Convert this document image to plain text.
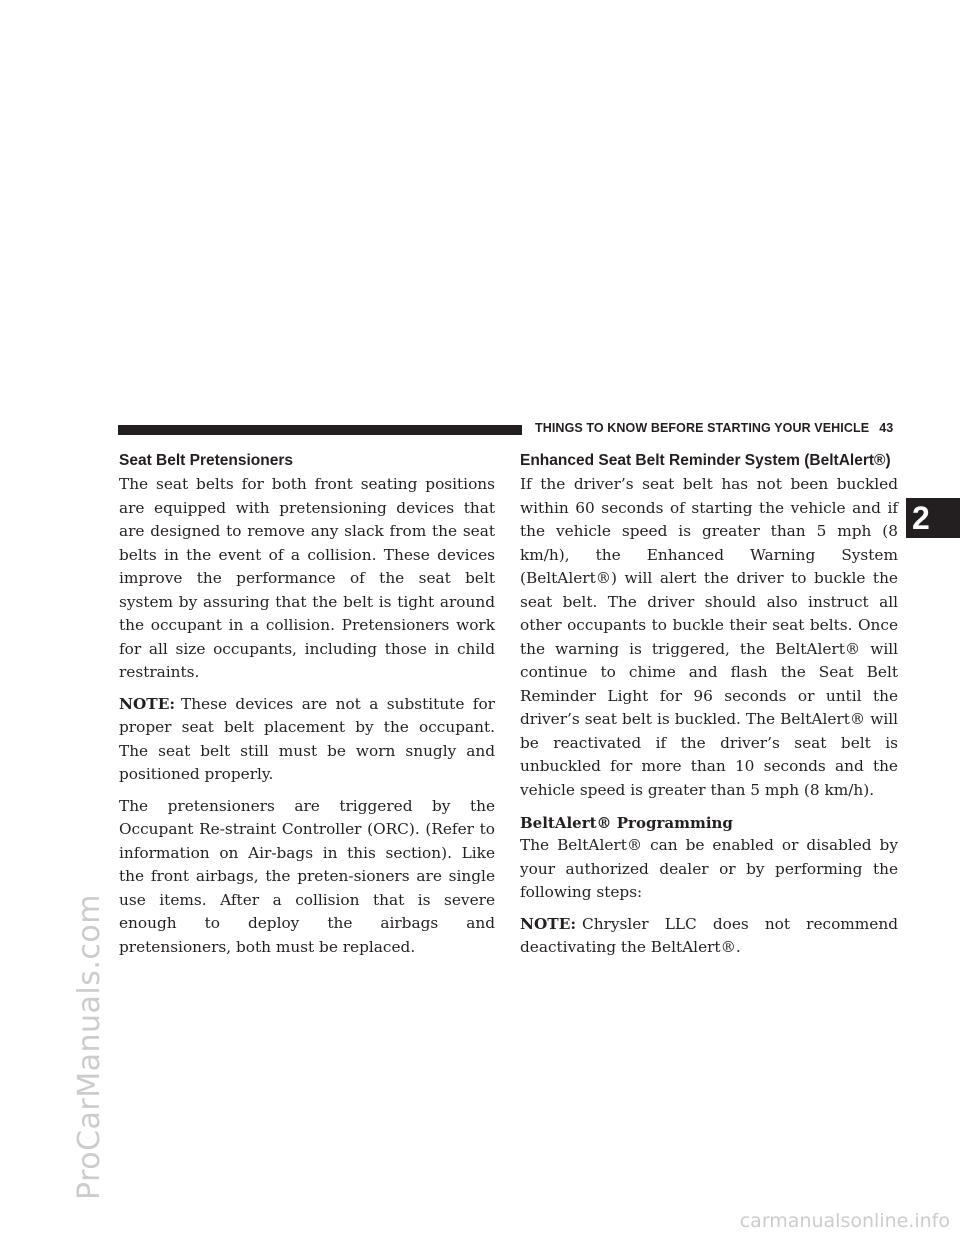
ProCarManuals.com
carmanualsonline.info
THINGS TO KNOW BEFORE STARTING YOUR VEHICLE 43
2
Seat Belt Pretensioners

The seat belts for both front seating positions are equipped with pretensioning devices that are designed to remove any slack from the seat belts in the event of a collision. These devices improve the performance of the seat belt system by assuring that the belt is tight around the occupant in a collision. Pretensioners work for all size occupants, including those in child restraints.

NOTE: These devices are not a substitute for proper seat belt placement by the occupant. The seat belt still must be worn snugly and positioned properly.

The pretensioners are triggered by the Occupant Re-straint Controller (ORC). (Refer to information on Air-bags in this section). Like the front airbags, the preten-sioners are single use items. After a collision that is severe enough to deploy the airbags and pretensioners, both must be replaced.

Enhanced Seat Belt Reminder System (BeltAlert®)

If the driver’s seat belt has not been buckled within 60 seconds of starting the vehicle and if the vehicle speed is greater than 5 mph (8 km/h), the Enhanced Warning System (BeltAlert®) will alert the driver to buckle the seat belt. The driver should also instruct all other occupants to buckle their seat belts. Once the warning is triggered, the BeltAlert® will continue to chime and flash the Seat Belt Reminder Light for 96 seconds or until the driver’s seat belt is buckled. The BeltAlert® will be reactivated if the driver’s seat belt is unbuckled for more than 10 seconds and the vehicle speed is greater than 5 mph (8 km/h).

BeltAlert® Programming

The BeltAlert® can be enabled or disabled by your authorized dealer or by performing the following steps:

NOTE: Chrysler LLC does not recommend deactivating the BeltAlert®.
